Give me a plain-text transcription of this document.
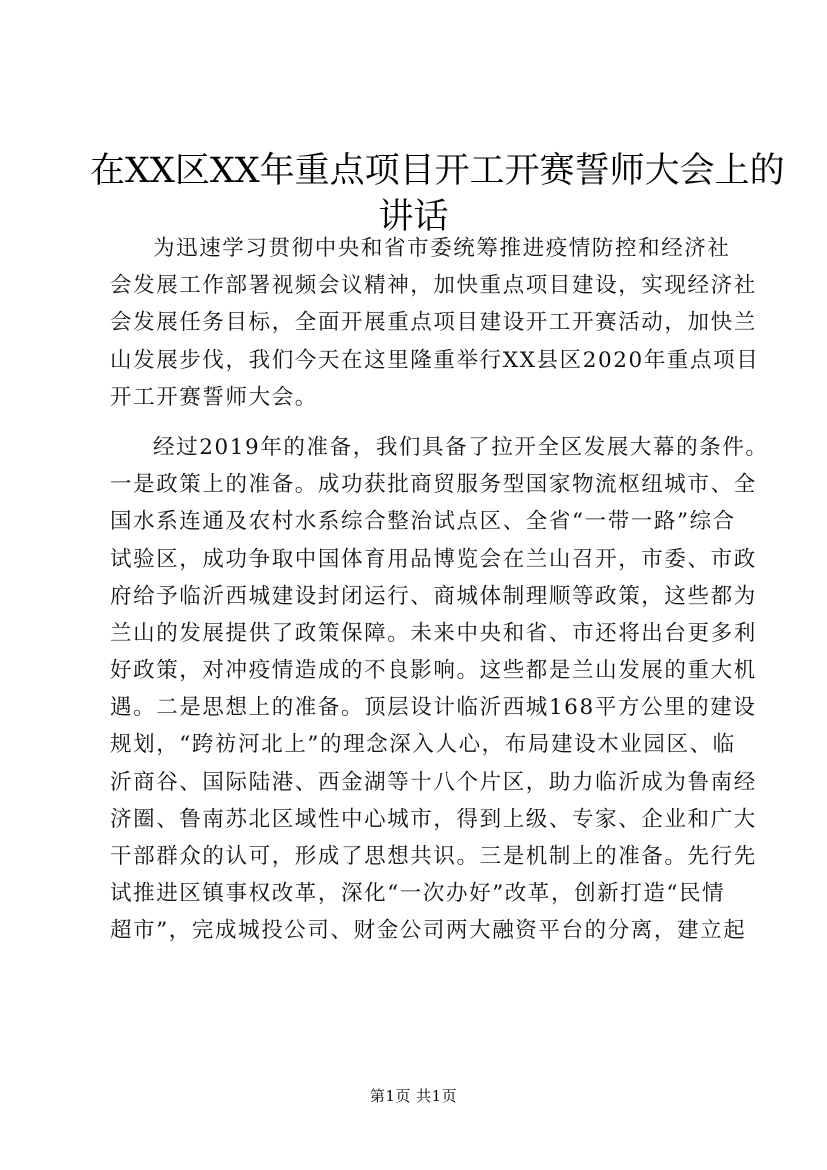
在XX区XX年重点项目开工开赛誓师大会上的
讲话
为迅速学习贯彻中央和省市委统筹推进疫情防控和经济社
会发展工作部署视频会议精神，加快重点项目建设，实现经济社
会发展任务目标，全面开展重点项目建设开工开赛活动，加快兰
山发展步伐，我们今天在这里隆重举行XX县区2020年重点项目
开工开赛誓师大会。
经过2019年的准备，我们具备了拉开全区发展大幕的条件。
一是政策上的准备。成功获批商贸服务型国家物流枢纽城市、全
国水系连通及农村水系综合整治试点区、全省“一带一路”综合
试验区，成功争取中国体育用品博览会在兰山召开，市委、市政
府给予临沂西城建设封闭运行、商城体制理顺等政策，这些都为
兰山的发展提供了政策保障。未来中央和省、市还将出台更多利
好政策，对冲疫情造成的不良影响。这些都是兰山发展的重大机
遇。二是思想上的准备。顶层设计临沂西城168平方公里的建设
规划，“跨祊河北上”的理念深入人心，布局建设木业园区、临
沂商谷、国际陆港、西金湖等十八个片区，助力临沂成为鲁南经
济圈、鲁南苏北区域性中心城市，得到上级、专家、企业和广大
干部群众的认可，形成了思想共识。三是机制上的准备。先行先
试推进区镇事权改革，深化“一次办好”改革，创新打造“民情
超市”，完成城投公司、财金公司两大融资平台的分离，建立起
第1页 共1页
